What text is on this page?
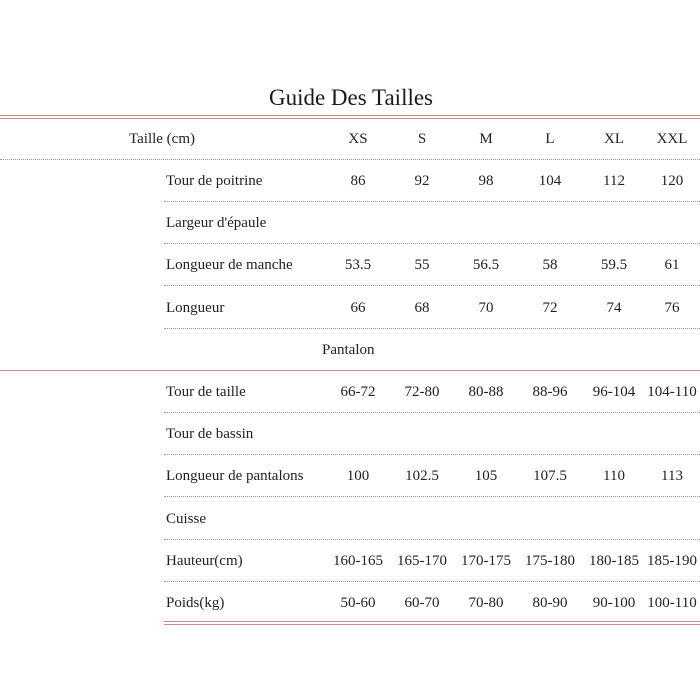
Guide Des Tailles
Taille (cm)	XS	S	M	L	XL	XXL
Tour de poitrine	86	92	98	104	112	120
Largeur d'épaule
Longueur de manche	53.5	55	56.5	58	59.5	61
Longueur	66	68	70	72	74	76
Pantalon
Tour de taille	66-72	72-80	80-88	88-96	96-104 104-110
Tour de bassin
Longueur de pantalons	100	102.5	105	107.5	110	113
Cuisse
Hauteur(cm)	160-165 165-170 170-175 175-180 180-185 185-190
Poids(kg)	50-60	60-70	70-80	80-90	90-100 100-110
